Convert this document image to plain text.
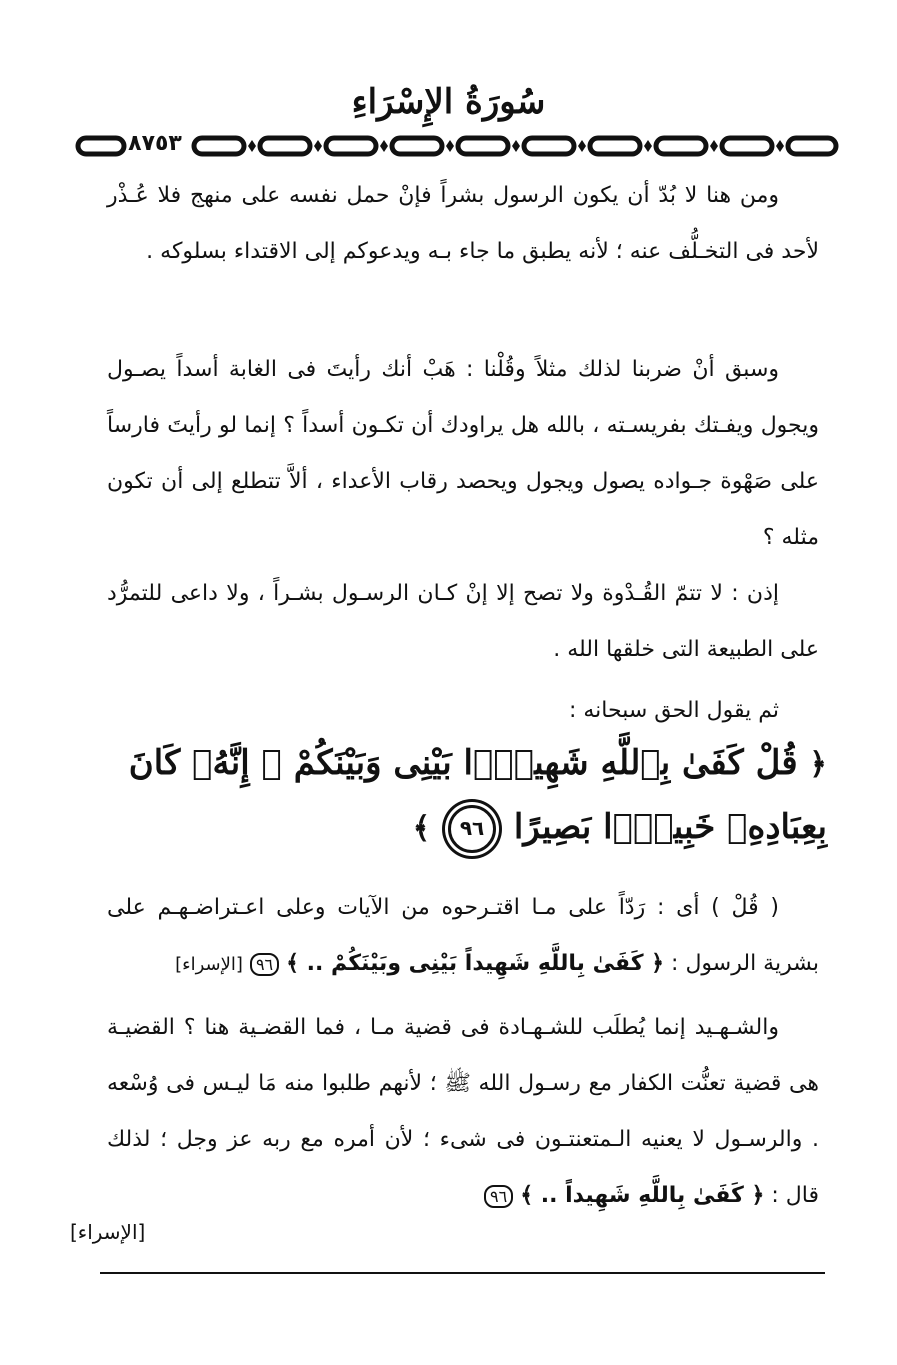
سُورَةُ الإِسْرَاءِ
٨٧٥٣

ومن هنا لا بُدّ أن يكون الرسول بشراً فإنْ حمل نفسه على منهج فلا عُـذْر لأحد فى التخـلُّف عنه ؛ لأنه يطبق ما جاء بـه ويدعوكم إلى الاقتداء بسلوكه .

وسبق أنْ ضربنا لذلك مثلاً وقُلْنا : هَبْ أنك رأيتَ فى الغابة أسداً يصـول ويجول ويفـتك بفريسـته ، بالله هل يراودك أن تكـون أسداً ؟ إنما لو رأيتَ فارساً على صَهْوة جـواده يصول ويجول ويحصد رقاب الأعداء ، ألاَّ تتطلع إلى أن تكون مثله ؟

إذن : لا تتمّ القُـدْوة ولا تصح إلا إنْ كـان الرسـول بشـراً ، ولا داعى للتمرُّد على الطبيعة التى خلقها الله .

ثم يقول الحق سبحانه :

﴿ قُلْ كَفَىٰ بِٱللَّهِ شَهِيدًۢا بَيْنِى وَبَيْنَكُمْ ۚ إِنَّهُۥ كَانَ بِعِبَادِهِۦ خَبِيرًۢا بَصِيرًا ٩٦ ﴾

( قُلْ ) أى : رَدّاً على مـا اقتـرحوه من الآيات وعلى اعـتراضـهـم على بشرية الرسول : ﴿ كَفَىٰ بِاللَّهِ شَهِيداً بَيْنِى وبَيْنَكُمْ .. ﴾ ٩٦ [الإسراء]

والشـهـيد إنما يُطلَب للشـهـادة فى قضية مـا ، فما القضـية هنا ؟ القضيـة هى قضية تعنُّت الكفار مع رسـول الله ﷺ ؛ لأنهم طلبوا منه مَا ليـس فى وُسْعه . والرسـول لا يعنيه الـمتعنتـون فى شىء ؛ لأن أمره مع ربه عز وجل ؛ لذلك قال : ﴿ كَفَىٰ بِاللَّهِ شَهِيداً .. ﴾ ٩٦

[الإسراء]
